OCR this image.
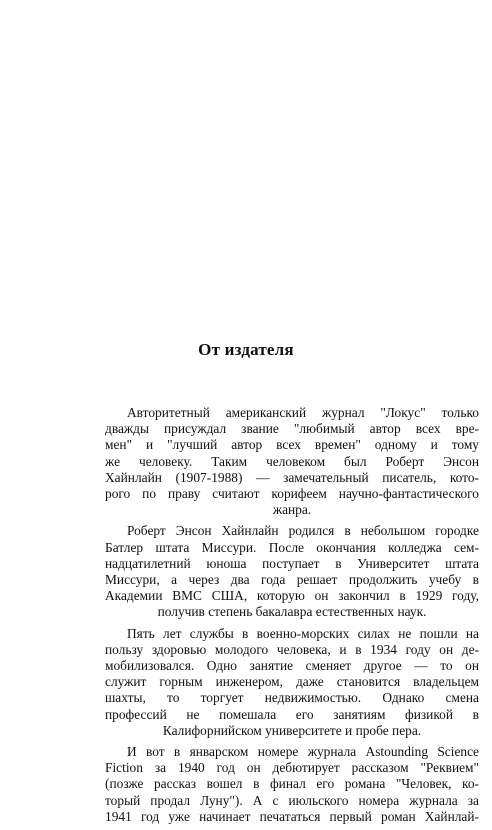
От издателя

Авторитетный американский журнал "Локус" только
дважды присуждал звание "любимый автор всех вре-
мен" и "лучший автор всех времен" одному и тому
же человеку. Таким человеком был Роберт Энсон
Хайнлайн (1907-1988) — замечательный писатель, кото-
рого по праву считают корифеем научно-фантастического
жанра.

Роберт Энсон Хайнлайн родился в небольшом городке
Батлер штата Миссури. После окончания колледжа сем-
надцатилетний юноша поступает в Университет штата
Миссури, а через два года решает продолжить учебу в
Академии ВМС США, которую он закончил в 1929 году,
получив степень бакалавра естественных наук.

Пять лет службы в военно-морских силах не пошли на
пользу здоровью молодого человека, и в 1934 году он де-
мобилизовался. Одно занятие сменяет другое — то он
служит горным инженером, даже становится владельцем
шахты, то торгует недвижимостью. Однако смена
профессий не помешала его занятиям физикой в
Калифорнийском университете и пробе пера.

И вот в январском номере журнала Astounding Science
Fiction за 1940 год он дебютирует рассказом "Реквием"
(позже рассказ вошел в финал его романа "Человек, ко-
торый продал Луну"). А с июльского номера журнала за
1941 год уже начинает печататься первый роман Хайнлай-
